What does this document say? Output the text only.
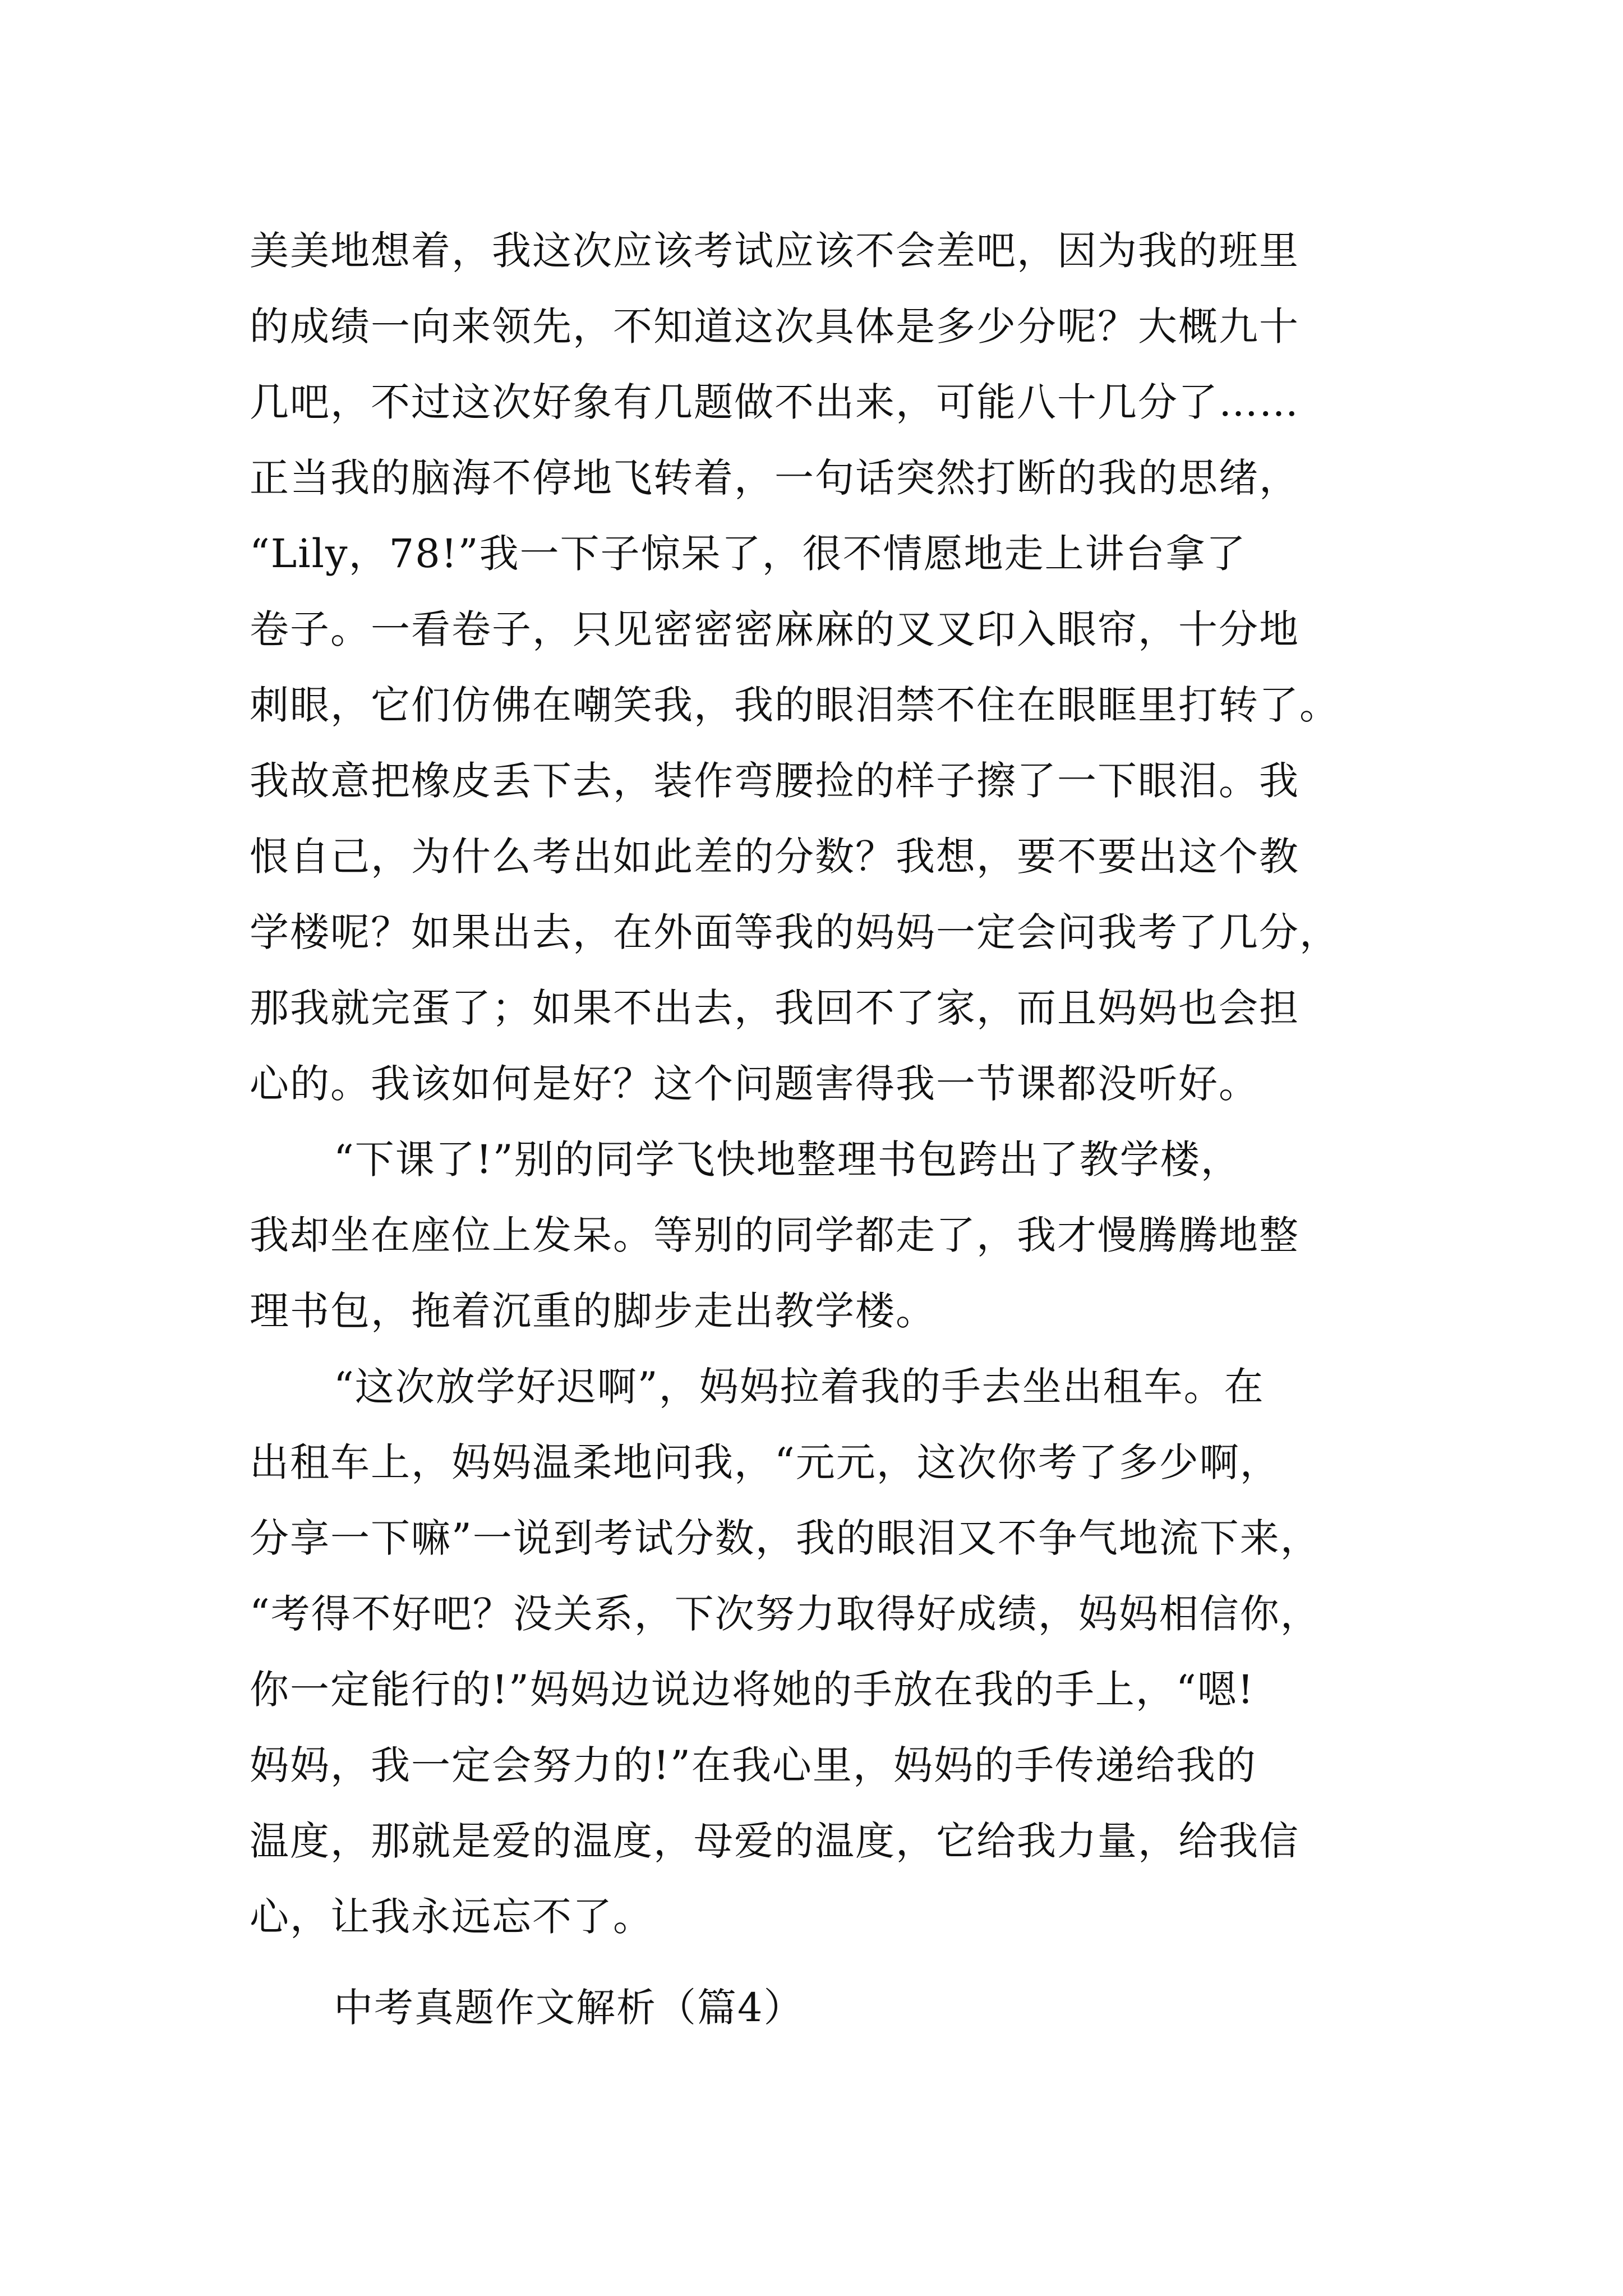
美美地想着，我这次应该考试应该不会差吧，因为我的班里
的成绩一向来领先，不知道这次具体是多少分呢？大概九十
几吧，不过这次好象有几题做不出来，可能八十几分了……
正当我的脑海不停地飞转着，一句话突然打断的我的思绪，
“Lily，78!”我一下子惊呆了，很不情愿地走上讲台拿了
卷子。一看卷子，只见密密密麻麻的叉叉印入眼帘，十分地
刺眼，它们仿佛在嘲笑我，我的眼泪禁不住在眼眶里打转了。
我故意把橡皮丢下去，装作弯腰捡的样子擦了一下眼泪。我
恨自己，为什么考出如此差的分数？我想，要不要出这个教
学楼呢？如果出去，在外面等我的妈妈一定会问我考了几分，
那我就完蛋了；如果不出去，我回不了家，而且妈妈也会担
心的。我该如何是好？这个问题害得我一节课都没听好。
“下课了!”别的同学飞快地整理书包跨出了教学楼，
我却坐在座位上发呆。等别的同学都走了，我才慢腾腾地整
理书包，拖着沉重的脚步走出教学楼。
“这次放学好迟啊”，妈妈拉着我的手去坐出租车。在
出租车上，妈妈温柔地问我，“元元，这次你考了多少啊，
分享一下嘛”一说到考试分数，我的眼泪又不争气地流下来，
“考得不好吧？没关系，下次努力取得好成绩，妈妈相信你，
你一定能行的!”妈妈边说边将她的手放在我的手上，“嗯!
妈妈，我一定会努力的!”在我心里，妈妈的手传递给我的
温度，那就是爱的温度，母爱的温度，它给我力量，给我信
心，让我永远忘不了。
中考真题作文解析（篇4）
